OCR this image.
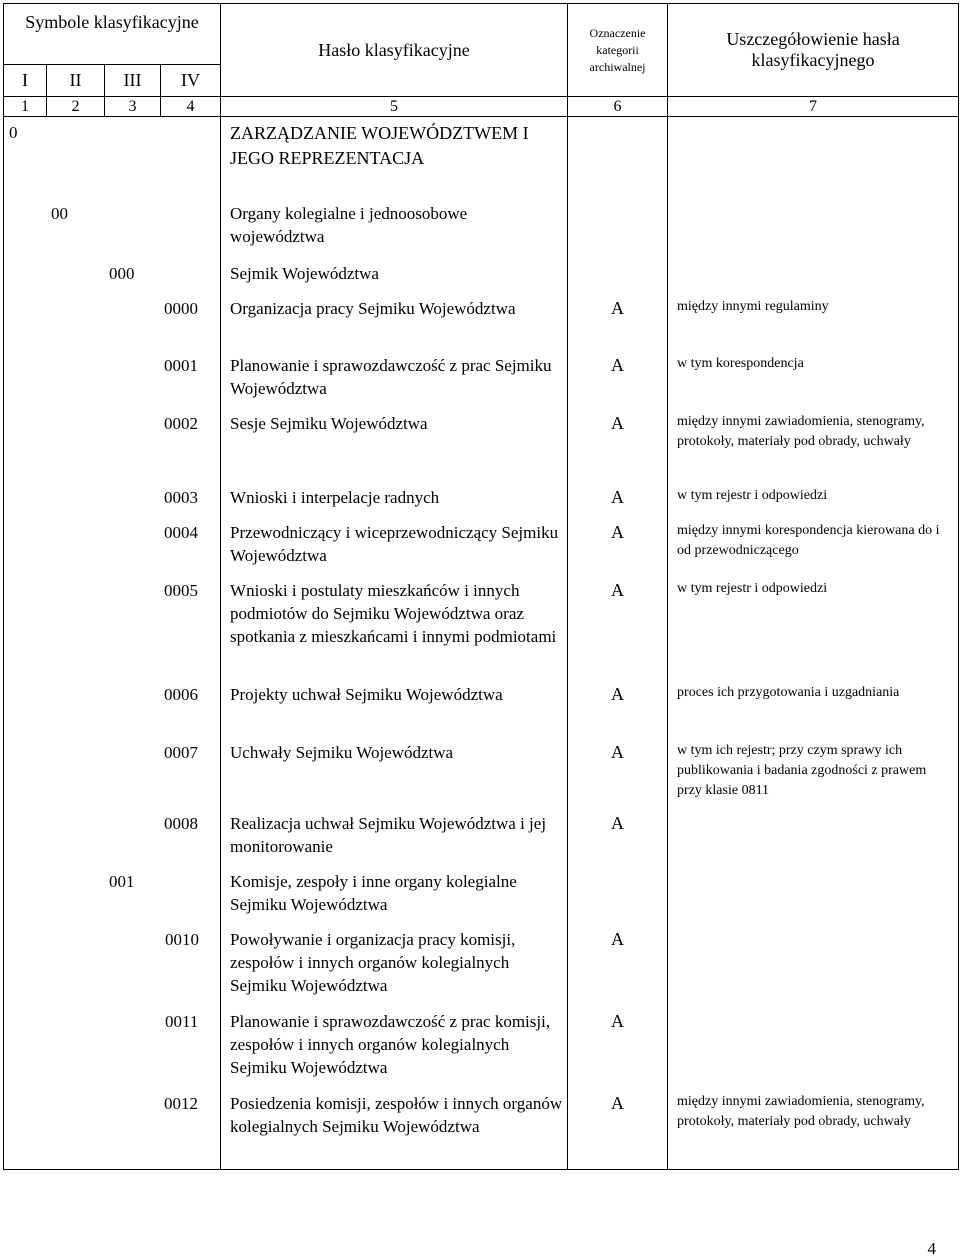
Symbole klasyfikacyjne				Hasło klasyfikacyjne	Oznaczenie kategorii archiwalnej	Uszczegółowienie hasła klasyfikacyjnego
I	II	III	IV			
1	2	3	4	5	6	7
0				ZARZĄDZANIE WOJEWÓDZTWEM I JEGO REPREZENTACJA		
00				Organy kolegialne i jednoosobowe województwa		
000				Sejmik Województwa		
0000				Organizacja pracy Sejmiku Województwa	A	między innymi regulaminy
0001				Planowanie i sprawozdawczość z prac Sejmiku Województwa	A	w tym korespondencja
0002				Sesje Sejmiku Województwa	A	między innymi zawiadomienia, stenogramy, protokoły, materiały pod obrady, uchwały
0003				Wnioski i interpelacje radnych	A	w tym rejestr i odpowiedzi
0004				Przewodniczący i wiceprzewodniczący Sejmiku Województwa	A	między innymi korespondencja kierowana do i od przewodniczącego
0005				Wnioski i postulaty mieszkańców i innych podmiotów do Sejmiku Województwa oraz spotkania z mieszkańcami i innymi podmiotami	A	w tym rejestr i odpowiedzi
0006				Projekty uchwał Sejmiku Województwa	A	proces ich przygotowania i uzgadniania
0007				Uchwały Sejmiku Województwa	A	w tym ich rejestr; przy czym sprawy ich publikowania i badania zgodności z prawem przy klasie 0811
0008				Realizacja uchwał Sejmiku Województwa i jej monitorowanie	A	
001				Komisje, zespoły i inne organy kolegialne Sejmiku Województwa		
0010				Powoływanie i organizacja pracy komisji, zespołów i innych organów kolegialnych Sejmiku Województwa	A	
0011				Planowanie i sprawozdawczość z prac komisji, zespołów i innych organów kolegialnych Sejmiku Województwa	A	
0012				Posiedzenia komisji, zespołów i innych organów kolegialnych Sejmiku Województwa	A	między innymi zawiadomienia, stenogramy, protokoły, materiały pod obrady, uchwały
4
